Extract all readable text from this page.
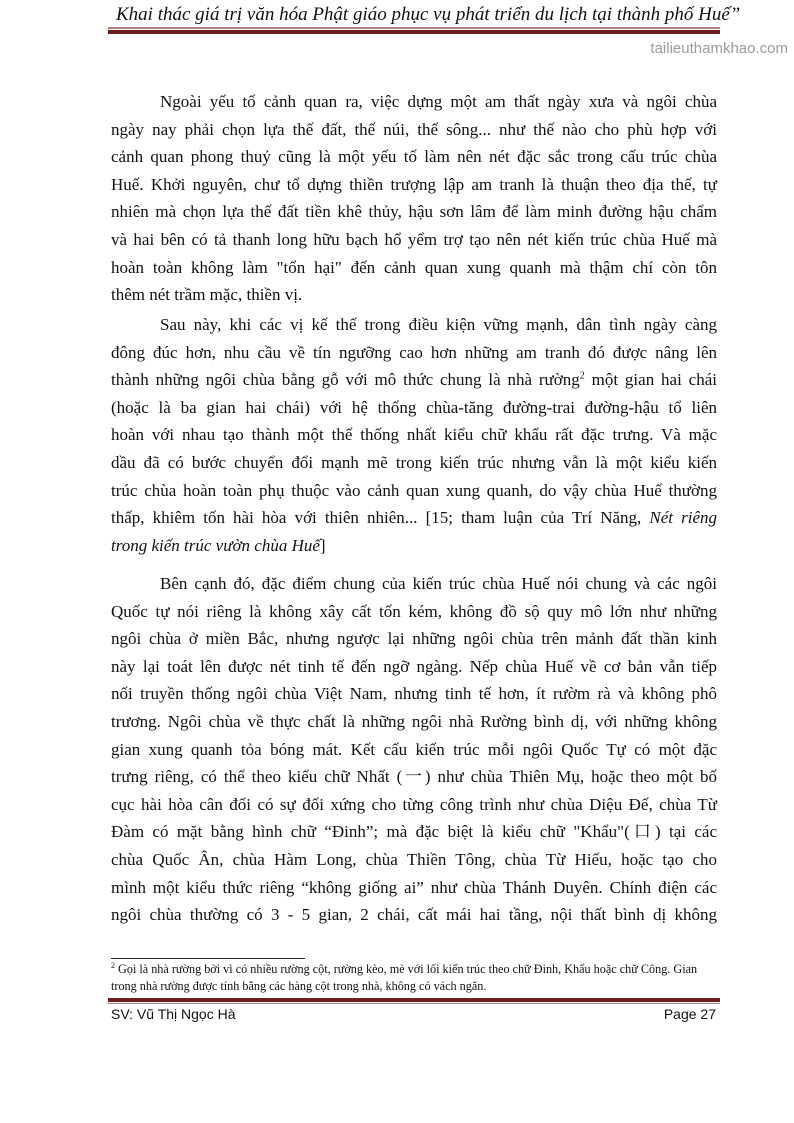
Khai thác giá trị văn hóa Phật giáo phục vụ phát triển du lịch tại thành phố Huế”
tailieuthamkhao.com
Ngoài yếu tố cảnh quan ra, việc dựng một am thất ngày xưa và ngôi chùa
ngày nay phải chọn lựa thế đất, thế núi, thế sông... như thế nào cho phù hợp với
cảnh quan phong thuỷ cũng là một yếu tố làm nên nét đặc sắc trong cấu trúc chùa
Huế. Khởi nguyên, chư tổ dựng thiền trượng lập am tranh là thuận theo địa thế, tự
nhiên mà chọn lựa thế đất tiền khê thủy, hậu sơn lâm để làm minh đường hậu chẩm
và hai bên có tả thanh long hữu bạch hổ yểm trợ tạo nên nét kiến trúc chùa Huế mà
hoàn toàn không làm "tổn hại" đến cảnh quan xung quanh mà thậm chí còn tôn
thêm nét trầm mặc, thiền vị.
Sau này, khi các vị kế thế trong điều kiện vững mạnh, dân tình ngày càng
đông đúc hơn, nhu cầu về tín ngưỡng cao hơn những am tranh đó được nâng lên
thành những ngôi chùa bằng gỗ với mô thức chung là nhà rường$^2$ một gian hai chái
(hoặc là ba gian hai chái) với hệ thống chùa-tăng đường-trai đường-hậu tổ liên
hoàn với nhau tạo thành một thể thống nhất kiểu chữ khẩu rất đặc trưng. Và mặc
dầu đã có bước chuyển đổi mạnh mẽ trong kiến trúc nhưng vẫn là một kiểu kiến
trúc chùa hoàn toàn phụ thuộc vào cảnh quan xung quanh, do vậy chùa Huế thường
thấp, khiêm tốn hài hòa với thiên nhiên... [15; tham luận của Trí Năng, Nét riêng
trong kiến trúc vườn chùa Huế]
Bên cạnh đó, đặc điểm chung của kiến trúc chùa Huế nói chung và các ngôi
Quốc tự nói riêng là không xây cất tốn kém, không đồ sộ quy mô lớn như những
ngôi chùa ở miền Bắc, nhưng ngược lại những ngôi chùa trên mảnh đất thần kinh
này lại toát lên được nét tinh tế đến ngỡ ngàng. Nếp chùa Huế về cơ bản vẫn tiếp
nối truyền thống ngôi chùa Việt Nam, nhưng tinh tế hơn, ít rườm rà và không phô
trương. Ngôi chùa về thực chất là những ngôi nhà Rường bình dị, với những không
gian xung quanh tỏa bóng mát. Kết cấu kiến trúc mỗi ngôi Quốc Tự có một đặc
trưng riêng, có thể theo kiểu chữ Nhất (一) như chùa Thiên Mụ, hoặc theo một bố
cục hài hòa cân đối có sự đối xứng cho từng công trình như chùa Diệu Đế, chùa Từ
Đàm có mặt bằng hình chữ “Đinh”; mà đặc biệt là kiểu chữ "Khẩu"(口) tại các
chùa Quốc Ân, chùa Hàm Long, chùa Thiền Tông, chùa Từ Hiếu, hoặc tạo cho
mình một kiểu thức riêng “không giống ai” như chùa Thánh Duyên. Chính điện các
ngôi chùa thường có 3 - 5 gian, 2 chái, cất mái hai tầng, nội thất bình dị không
$^2$ Gọi là nhà rường bởi vì có nhiều rường cột, rường kèo, mè với lối kiến trúc theo chữ Đinh, Khẩu hoặc chữ Công. Gian trong nhà rường được tính bằng các hàng cột trong nhà, không có vách ngăn.
SV: Vũ Thị Ngọc Hà	Page 27
